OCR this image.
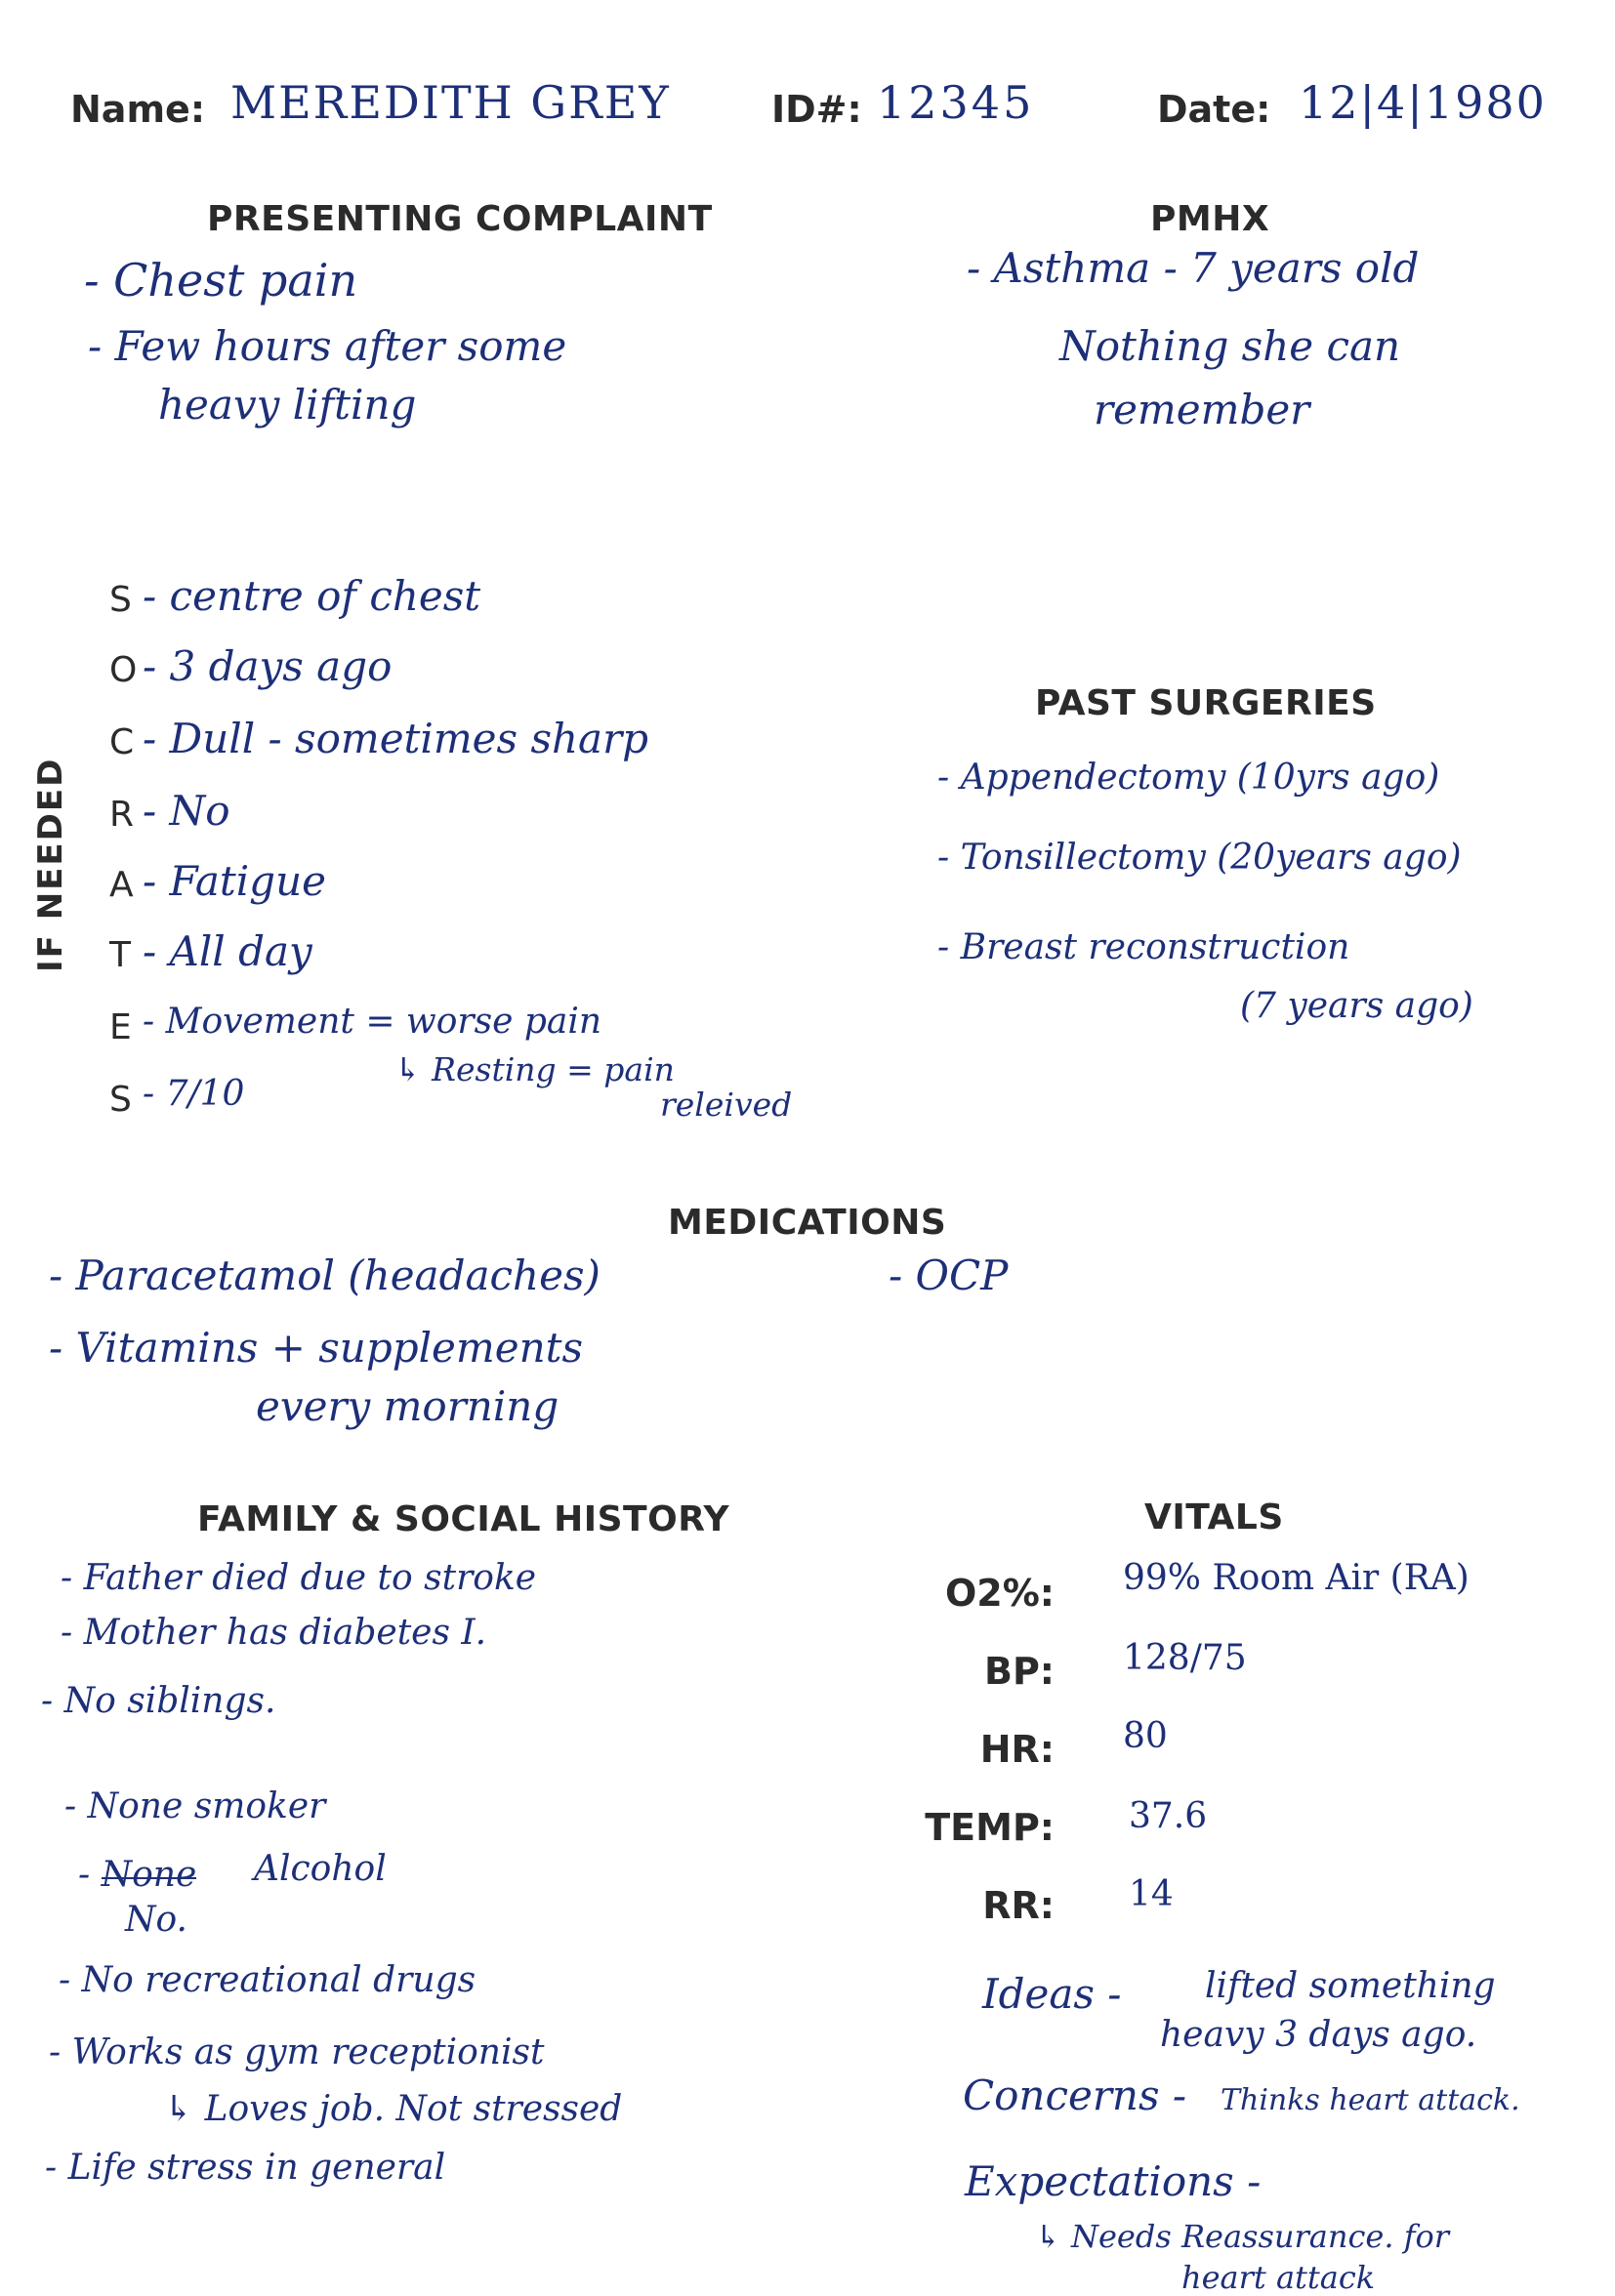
Name: MEREDITH GREY	ID#: 12345	Date: 12|4|1980
PRESENTING COMPLAINT
- Chest pain
- Few hours after some
heavy lifting
PMHX
- Asthma - 7 years old
Nothing she can
remember
IF NEEDED
S - centre of chest
O - 3 days ago
C - Dull - sometimes sharp
R - No
A - Fatigue
T - All day
E - Movement = worse pain
↳ Resting = pain
releived
S - 7/10
PAST SURGERIES
- Appendectomy (10yrs ago)
- Tonsillectomy (20years ago)
- Breast reconstruction
(7 years ago)
MEDICATIONS
- Paracetamol (headaches)
- Vitamins + supplements
every morning
- OCP
FAMILY & SOCIAL HISTORY
- Father died due to stroke
- Mother has diabetes I.
- No siblings.
- None smoker
- None Alcohol
No.
- No recreational drugs
- Works as gym receptionist
↳ Loves job. Not stressed
- Life stress in general
VITALS
O2%: 99% Room Air (RA)
BP: 128/75
HR: 80
TEMP: 37.6
RR: 14
Ideas - lifted something
heavy 3 days ago.
Concerns - Thinks heart attack.
Expectations -
↳ Needs Reassurance. for
heart attack
